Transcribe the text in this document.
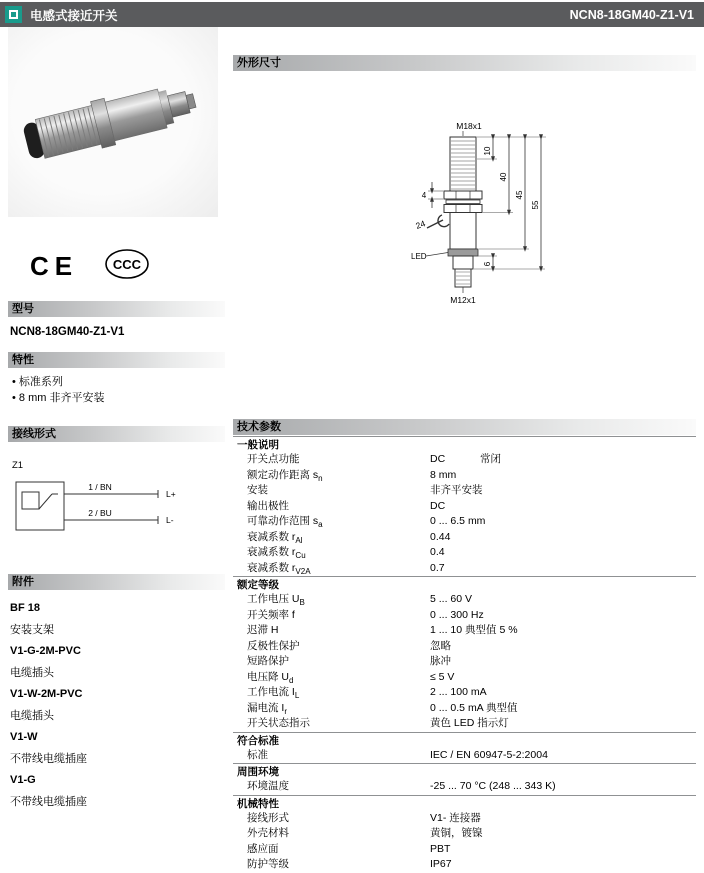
电感式接近开关	NCN8-18GM40-Z1-V1
CE	CCC
型号
NCN8-18GM40-Z1-V1
特性
• 标准系列
• 8 mm 非齐平安装
接线形式
Z1
1 / BN
2 / BU
L+
L-
附件
BF 18
安装支架
V1-G-2M-PVC
电缆插头
V1-W-2M-PVC
电缆插头
V1-W
不带线电缆插座
V1-G
不带线电缆插座
外形尺寸
M18x1
24
LED
M12x1
10
40
45
55
6
4
技术参数
一般说明
开关点功能	DC	常闭
额定动作距离 $s_n$	8 mm
安装	非齐平安装
输出极性	DC
可靠动作范围 $s_a$	0 ... 6.5 mm
衰减系数 $r_{Al}$	0.44
衰减系数 $r_{Cu}$	0.4
衰减系数 $r_{V2A}$	0.7
额定等级
工作电压 $U_B$	5 ... 60 V
开关频率 f	0 ... 300 Hz
迟滞 H	1 ... 10 典型值 5 %
反极性保护	忽略
短路保护	脉冲
电压降 $U_d$	≤ 5 V
工作电流 $I_L$	2 ... 100 mA
漏电流 $I_r$	0 ... 0.5 mA 典型值
开关状态指示	黄色 LED 指示灯
符合标准
标准	IEC / EN 60947-5-2:2004
周围环境
环境温度	-25 ... 70 °C (248 ... 343 K)
机械特性
接线形式	V1- 连接器
外壳材料	黄铜，镀镍
感应面	PBT
防护等级	IP67
